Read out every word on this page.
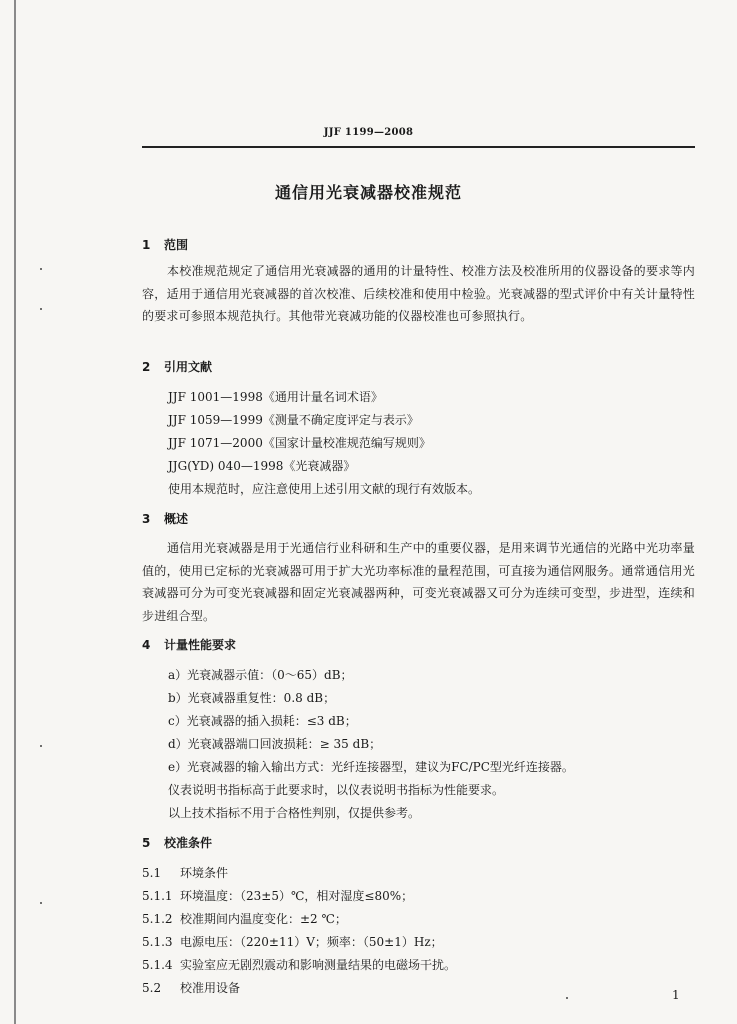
JJF 1199—2008
通信用光衰减器校准规范
1 范围
本校准规范规定了通信用光衰减器的通用的计量特性、校准方法及校准所用的仪器设备的要求等内容，适用于通信用光衰减器的首次校准、后续校准和使用中检验。光衰减器的型式评价中有关计量特性的要求可参照本规范执行。其他带光衰减功能的仪器校准也可参照执行。
2 引用文献
JJF 1001—1998《通用计量名词术语》
JJF 1059—1999《测量不确定度评定与表示》
JJF 1071—2000《国家计量校准规范编写规则》
JJG(YD) 040—1998《光衰减器》
使用本规范时，应注意使用上述引用文献的现行有效版本。
3 概述
通信用光衰减器是用于光通信行业科研和生产中的重要仪器，是用来调节光通信的光路中光功率量值的，使用已定标的光衰减器可用于扩大光功率标准的量程范围，可直接为通信网服务。通常通信用光衰减器可分为可变光衰减器和固定光衰减器两种，可变光衰减器又可分为连续可变型，步进型，连续和步进组合型。
4 计量性能要求
a）光衰减器示值：（0～65）dB；
b）光衰减器重复性：0.8 dB；
c）光衰减器的插入损耗：≤3 dB；
d）光衰减器端口回波损耗：≥ 35 dB；
e）光衰减器的输入输出方式：光纤连接器型，建议为FC/PC型光纤连接器。
仪表说明书指标高于此要求时，以仪表说明书指标为性能要求。
以上技术指标不用于合格性判别，仅提供参考。
5 校准条件
5.1 环境条件
5.1.1 环境温度：（23±5）℃，相对湿度≤80%；
5.1.2 校准期间内温度变化：±2 ℃；
5.1.3 电源电压：（220±11）V；频率：（50±1）Hz；
5.1.4 实验室应无剧烈震动和影响测量结果的电磁场干扰。
5.2 校准用设备	1
